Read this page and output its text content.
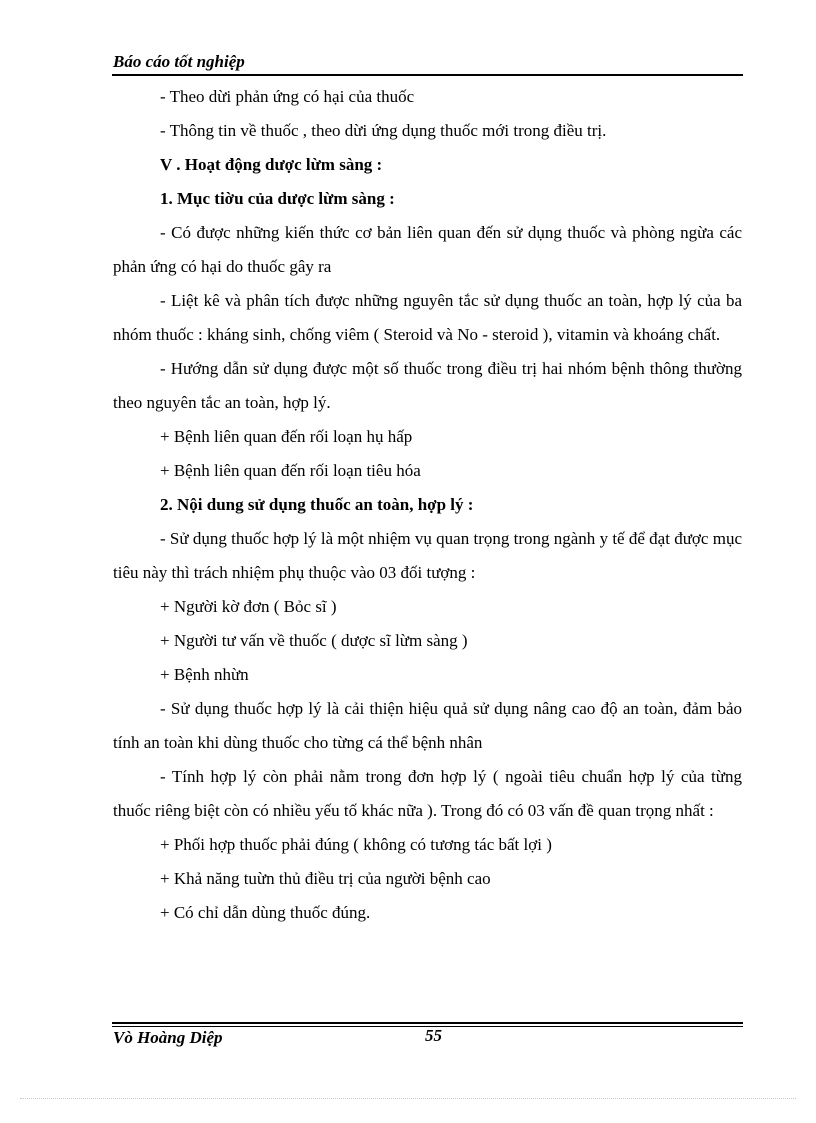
Báo cáo tốt nghiệp

- Theo dừi phản ứng có hại của thuốc

- Thông tin về thuốc , theo dừi ứng dụng thuốc mới trong điều trị.

V . Hoạt động dược lừm sàng :

1. Mục tiờu của dược lừm sàng :

- Có được những kiến thức cơ bản liên quan đến sử dụng thuốc và phòng ngừa các phản ứng có hại do thuốc gây ra

- Liệt kê và phân tích được những nguyên tắc sử dụng thuốc an toàn, hợp lý của ba nhóm thuốc : kháng sinh, chống viêm ( Steroid và No - steroid ), vitamin và khoáng chất.

- Hướng dẫn sử dụng được một số thuốc trong điều trị hai nhóm bệnh thông thường theo nguyên tắc an toàn, hợp lý.

+ Bệnh liên quan đến rối loạn hụ hấp

+ Bệnh liên quan đến rối loạn tiêu hóa

2. Nội dung sử dụng thuốc an toàn, hợp lý :

- Sử dụng thuốc hợp lý là một nhiệm vụ quan trọng trong ngành y tế để đạt được mục tiêu này thì trách nhiệm phụ thuộc vào 03 đối tượng :

+ Người kờ đơn ( Bỏc sĩ )

+ Người tư vấn về thuốc ( dược sĩ lừm sàng )

+ Bệnh nhừn

- Sử dụng thuốc hợp lý là cải thiện hiệu quả sử dụng nâng cao độ an toàn, đảm bảo tính an toàn khi dùng thuốc cho từng cá thể bệnh nhân

- Tính hợp lý còn phải nằm trong đơn hợp lý ( ngoài tiêu chuẩn hợp lý của từng thuốc riêng biệt còn có nhiều yếu tố khác nữa ). Trong đó có 03 vấn đề quan trọng nhất :

+ Phối hợp thuốc phải đúng ( không có tương tác bất lợi )

+ Khả năng tuừn thủ điều trị của người bệnh cao

+ Có chỉ dẫn dùng thuốc đúng.

Vò Hoàng Diệp	55
